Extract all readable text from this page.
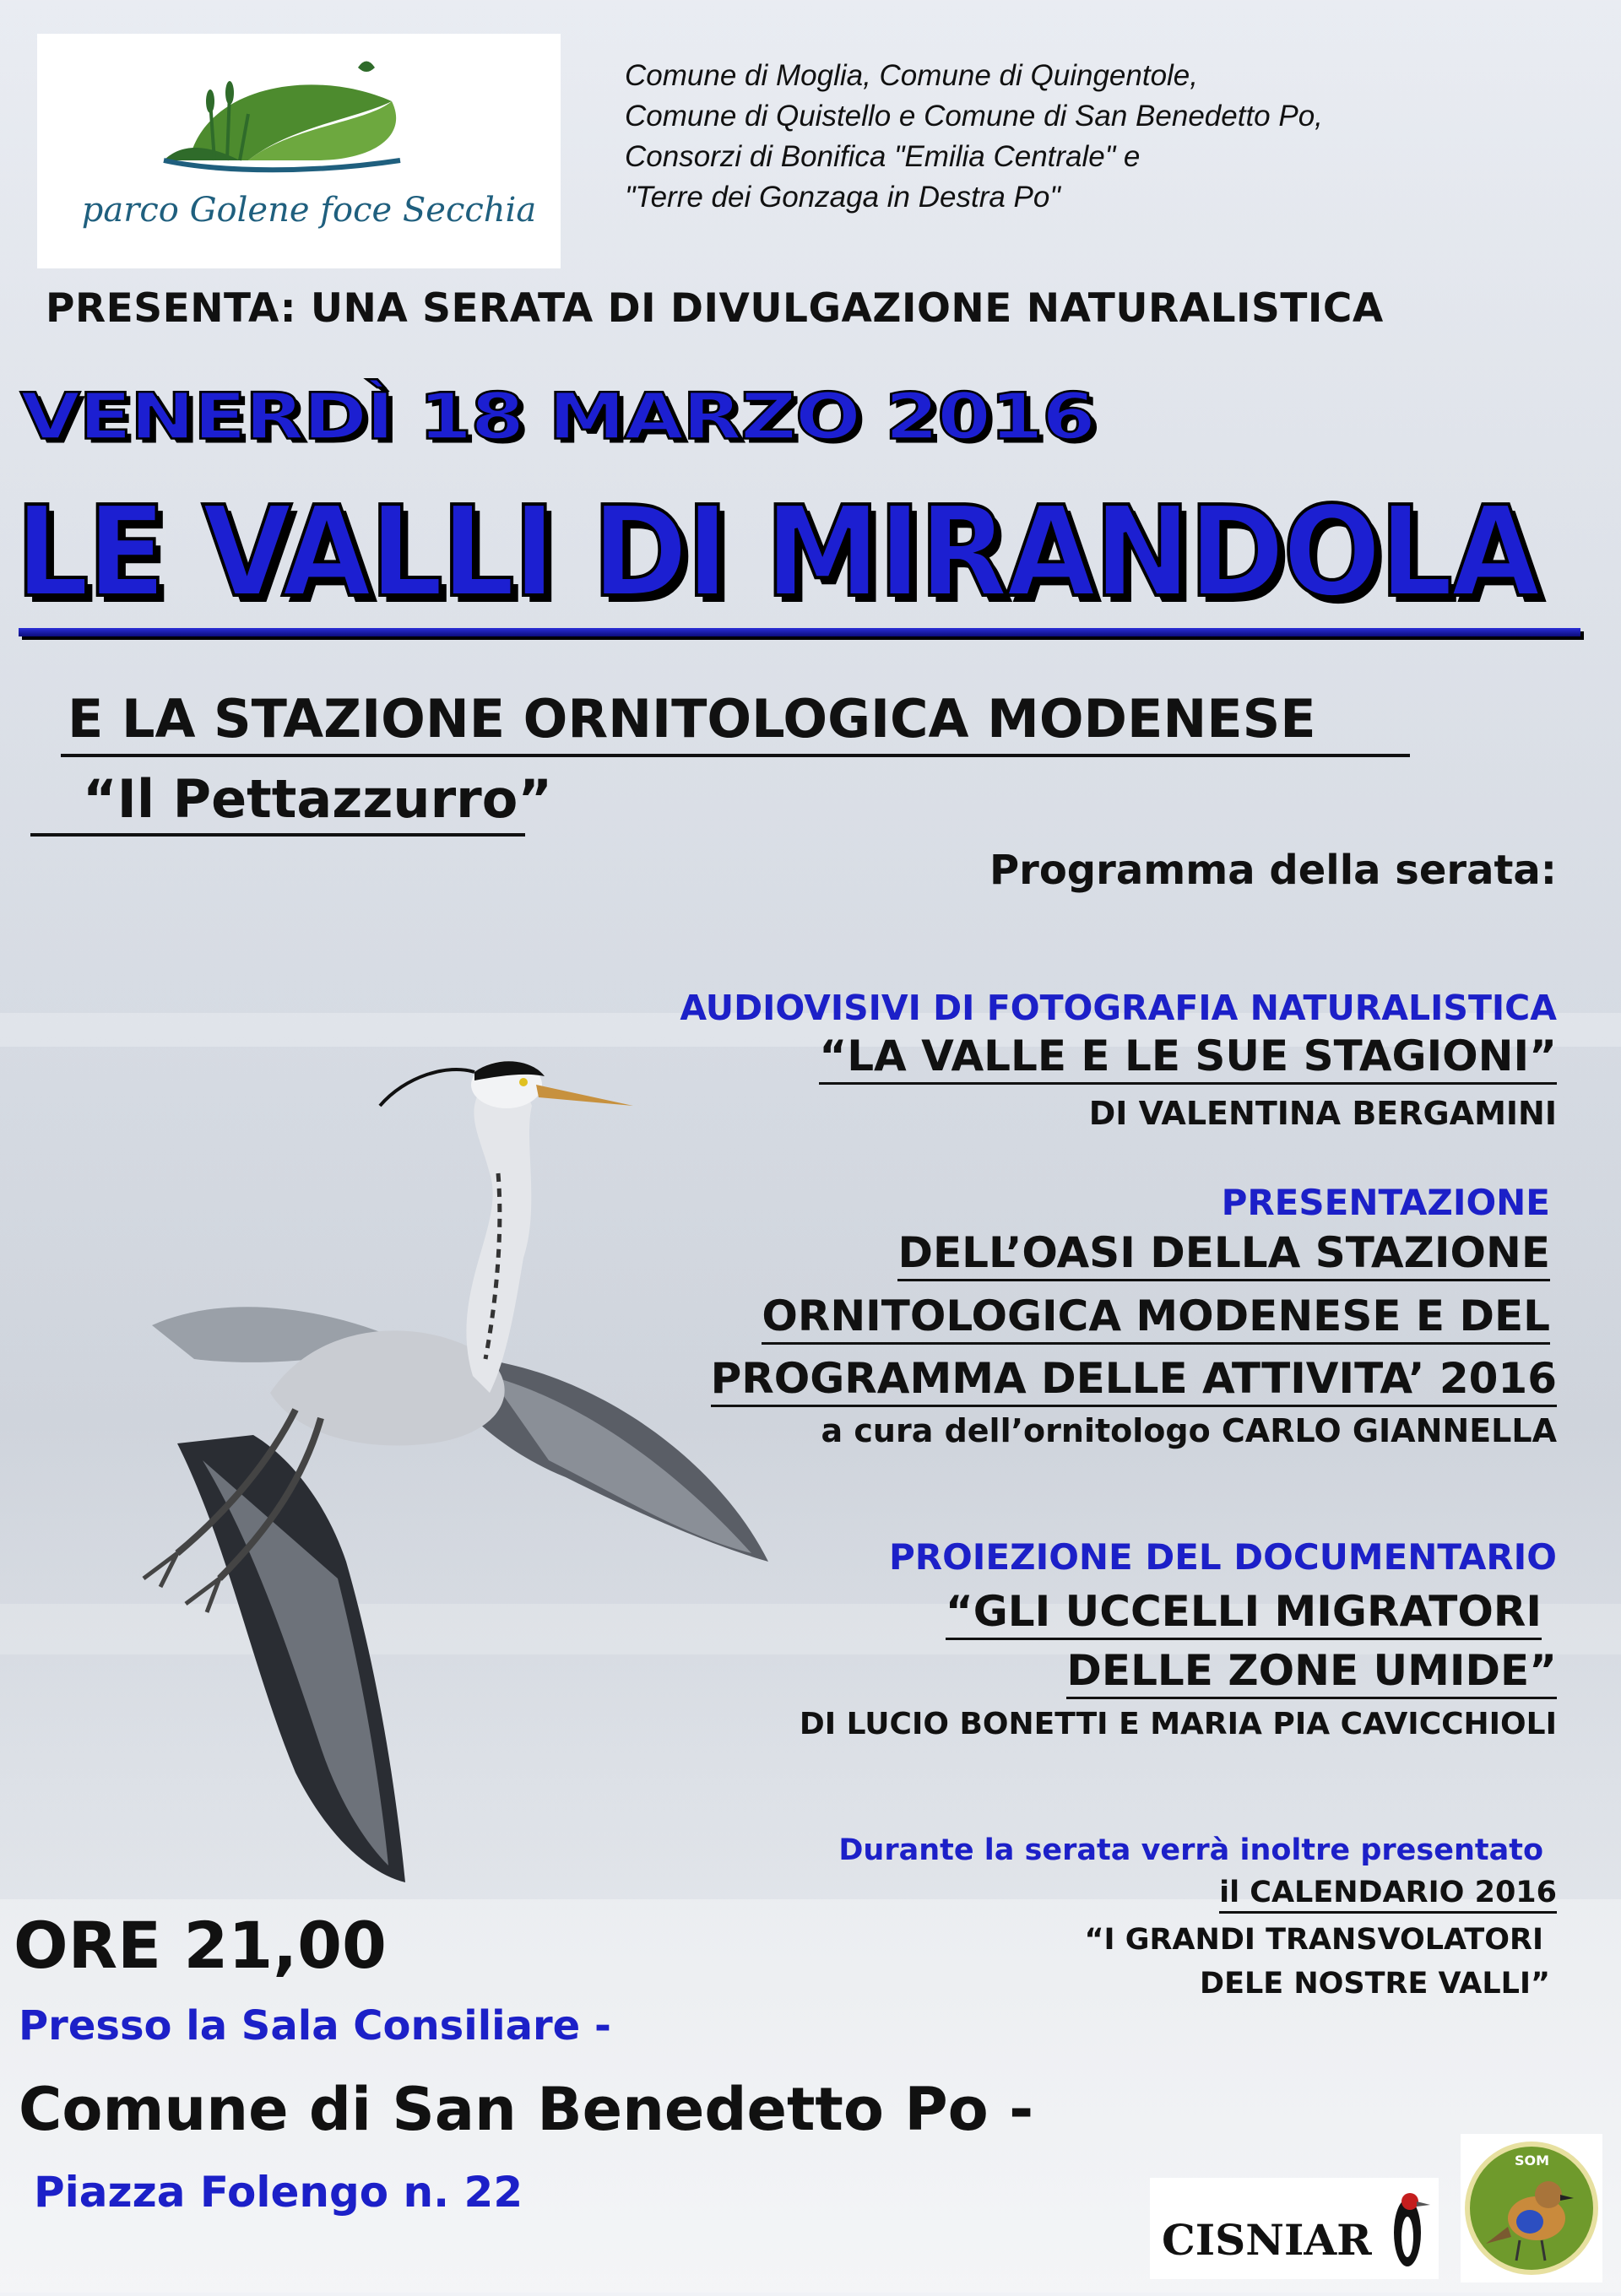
parco Golene foce Secchia
Comune di Moglia, Comune di Quingentole,
Comune di Quistello e Comune di San Benedetto Po,
Consorzi di Bonifica "Emilia Centrale" e
"Terre dei Gonzaga in Destra Po"
PRESENTA: UNA SERATA DI DIVULGAZIONE NATURALISTICA
VENERDÌ 18 MARZO 2016
LE VALLI DI MIRANDOLA
E LA STAZIONE ORNITOLOGICA MODENESE
“Il Pettazzurro”
Programma della serata:
AUDIOVISIVI DI FOTOGRAFIA NATURALISTICA
“LA VALLE E LE SUE STAGIONI”
DI VALENTINA BERGAMINI
PRESENTAZIONE
DELL’OASI DELLA STAZIONE
ORNITOLOGICA MODENESE E DEL
PROGRAMMA DELLE ATTIVITA’ 2016
a cura dell’ornitologo CARLO GIANNELLA
PROIEZIONE DEL DOCUMENTARIO
“GLI UCCELLI MIGRATORI
DELLE ZONE UMIDE”
DI LUCIO BONETTI E MARIA PIA CAVICCHIOLI
Durante la serata verrà inoltre presentato
il CALENDARIO 2016
“I GRANDI TRANSVOLATORI
DELE NOSTRE VALLI”
ORE 21,00
Presso la Sala Consiliare -
Comune di San Benedetto Po -
Piazza Folengo n. 22
CISNIAR
SOM
